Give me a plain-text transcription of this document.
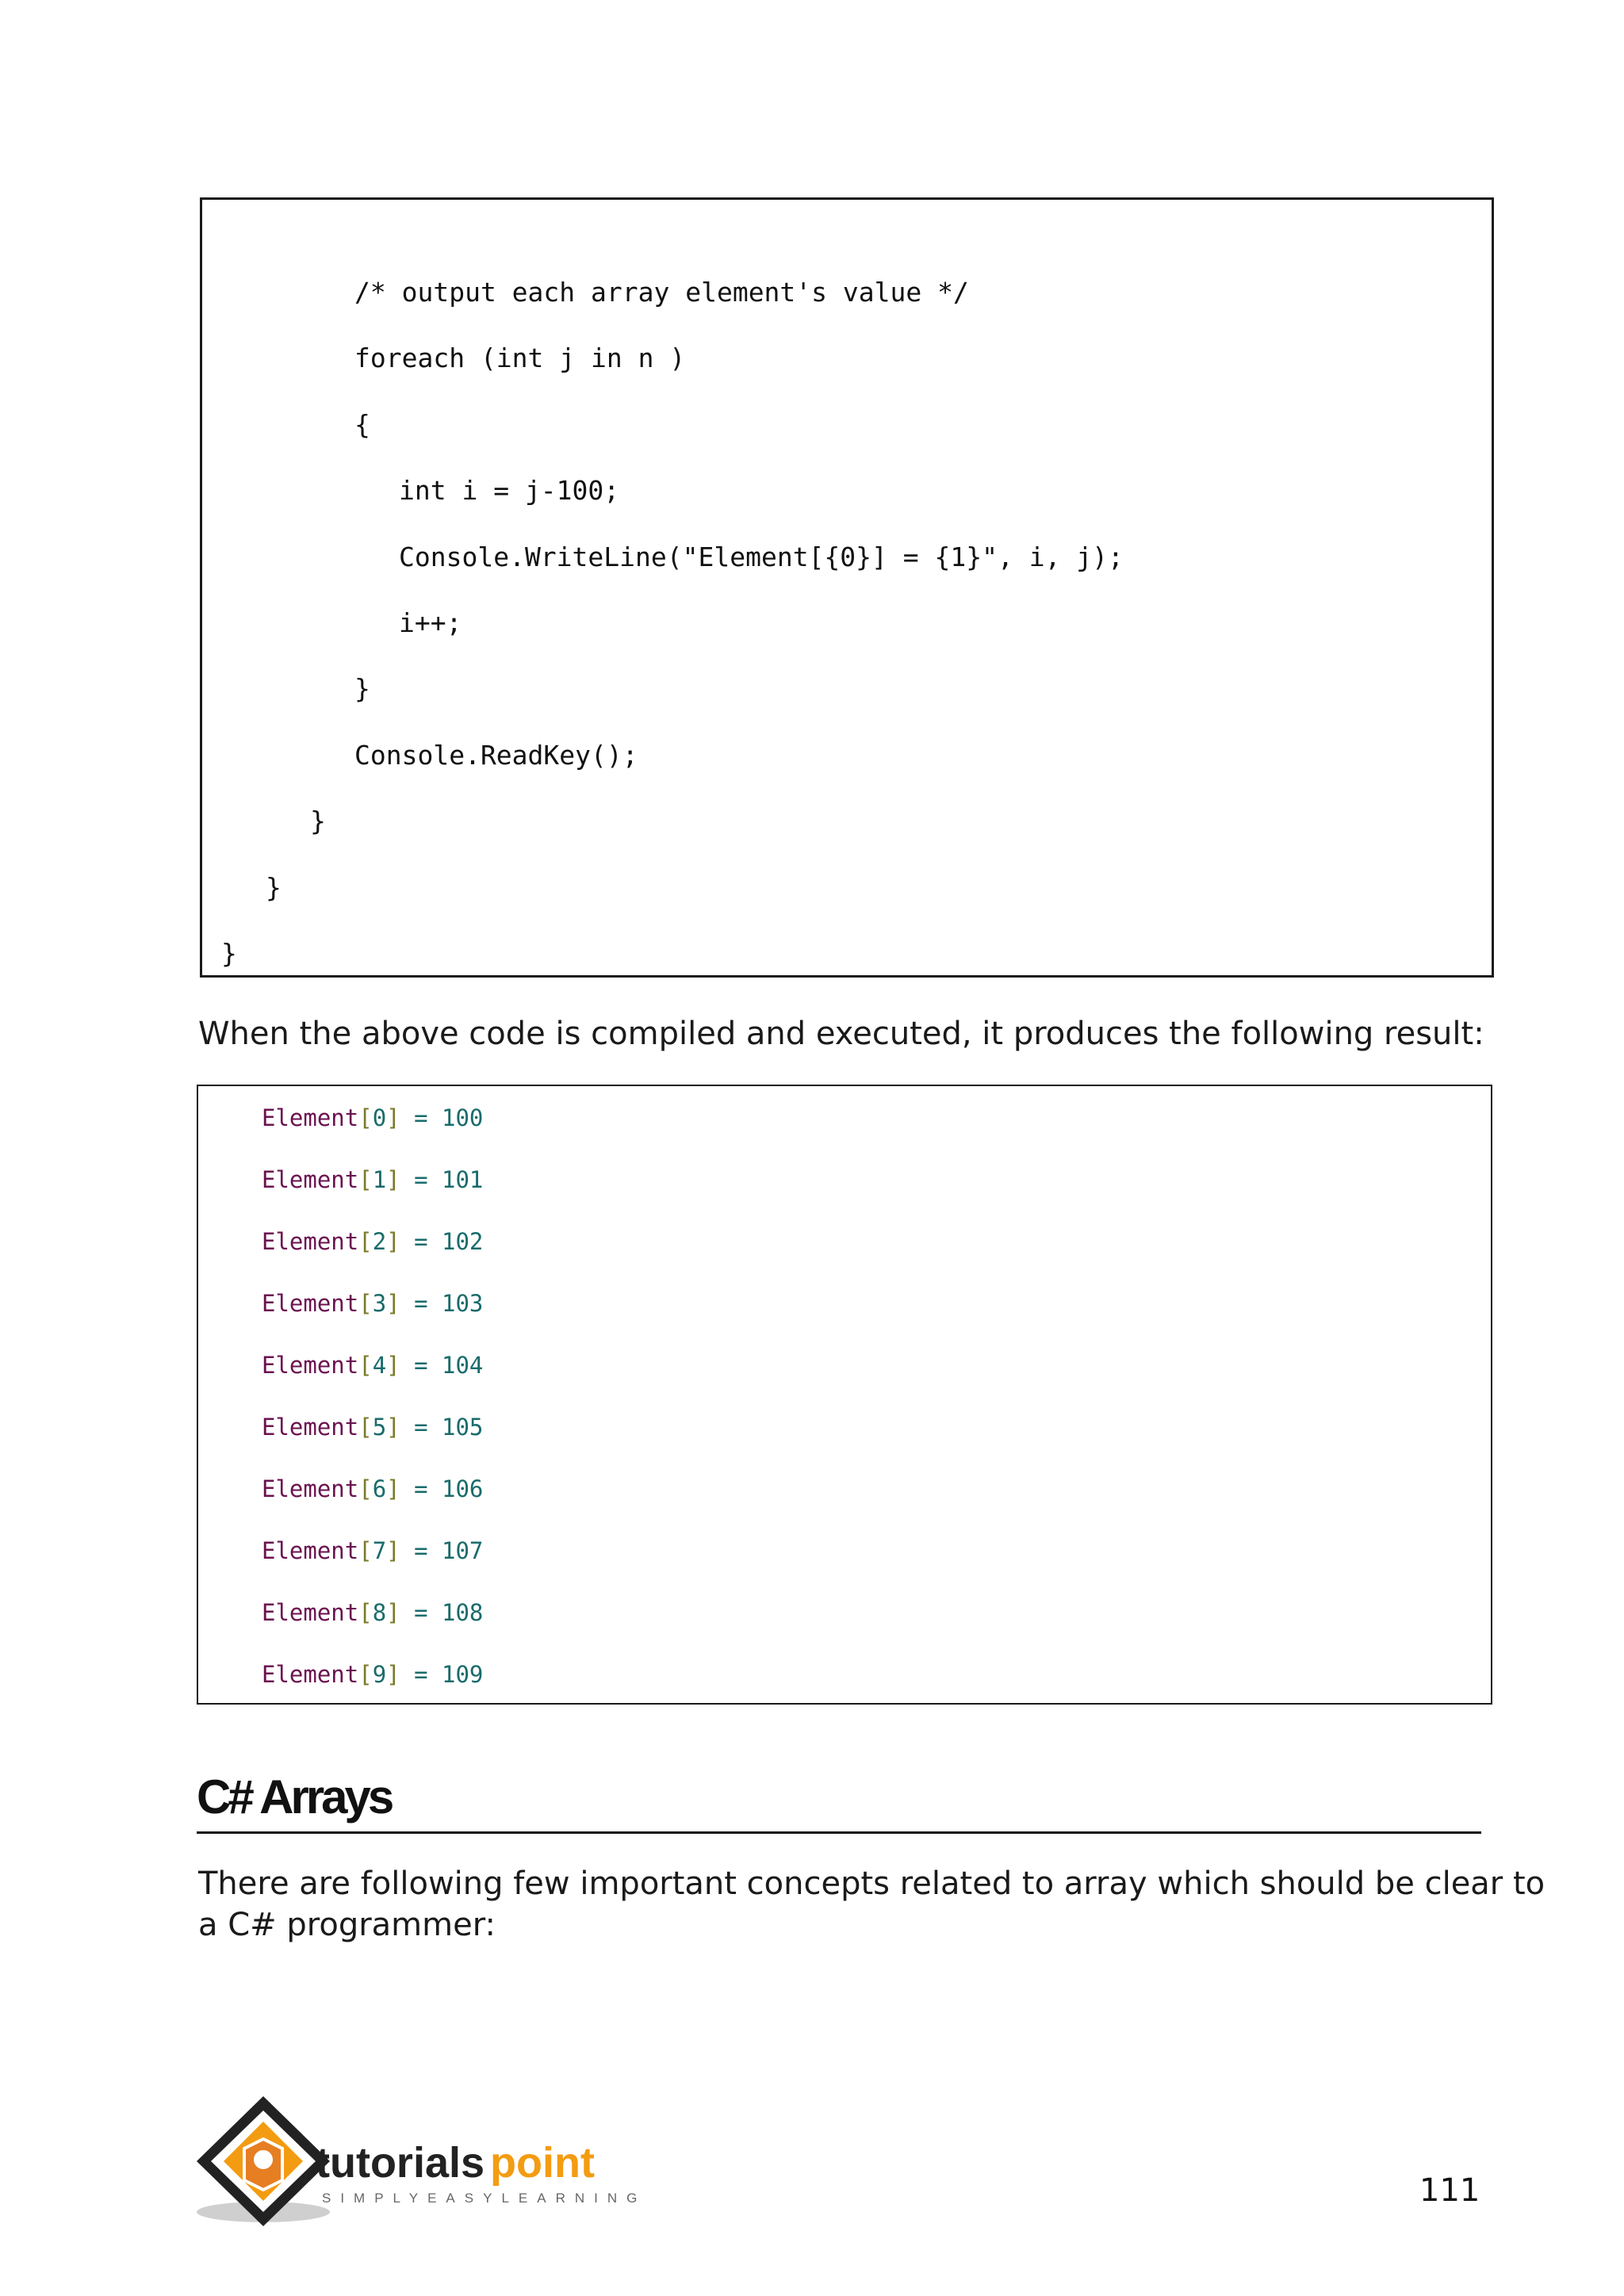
/* output each array element's value */
foreach (int j in n )
{
int i = j-100;
Console.WriteLine("Element[{0}] = {1}", i, j);
i++;
}
Console.ReadKey();
}
}
}
When the above code is compiled and executed, it produces the following result:
Element[0] = 100
Element[1] = 101
Element[2] = 102
Element[3] = 103
Element[4] = 104
Element[5] = 105
Element[6] = 106
Element[7] = 107
Element[8] = 108
Element[9] = 109
C# Arrays
There are following few important concepts related to array which should be clear to
a C# programmer:
tutorials point
SIMPLYEASYLEARNING	111
